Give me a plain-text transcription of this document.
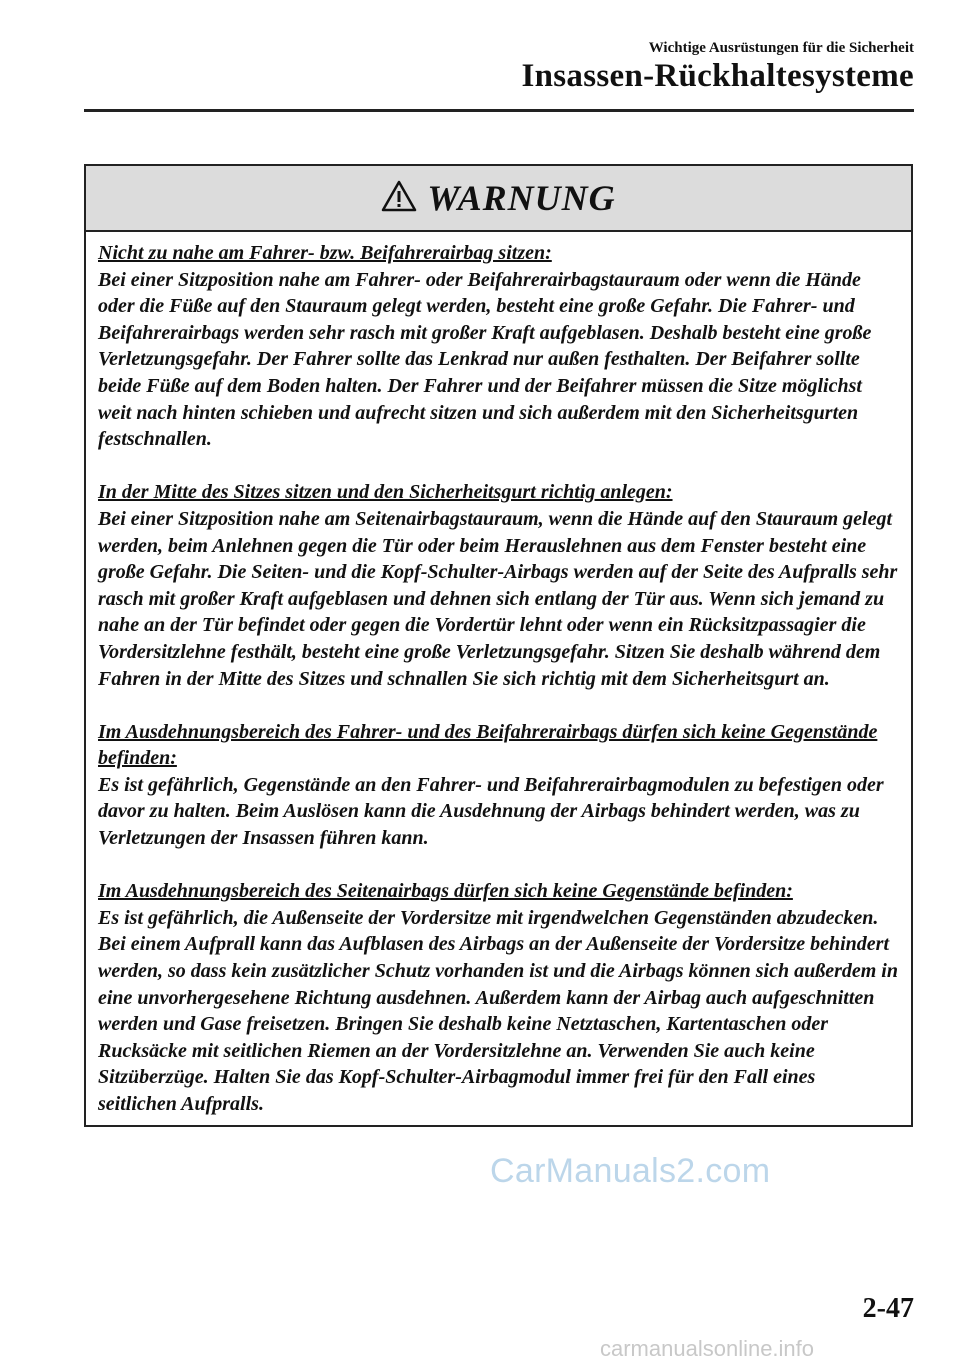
Wichtige Ausrüstungen für die Sicherheit
Insassen-Rückhaltesysteme
WARNUNG
Nicht zu nahe am Fahrer- bzw. Beifahrerairbag sitzen:
Bei einer Sitzposition nahe am Fahrer- oder Beifahrerairbagstauraum oder wenn die Hände oder die Füße auf den Stauraum gelegt werden, besteht eine große Gefahr. Die Fahrer- und Beifahrerairbags werden sehr rasch mit großer Kraft aufgeblasen. Deshalb besteht eine große Verletzungsgefahr. Der Fahrer sollte das Lenkrad nur außen festhalten. Der Beifahrer sollte beide Füße auf dem Boden halten. Der Fahrer und der Beifahrer müssen die Sitze möglichst weit nach hinten schieben und aufrecht sitzen und sich außerdem mit den Sicherheitsgurten festschnallen.
In der Mitte des Sitzes sitzen und den Sicherheitsgurt richtig anlegen:
Bei einer Sitzposition nahe am Seitenairbagstauraum, wenn die Hände auf den Stauraum gelegt werden, beim Anlehnen gegen die Tür oder beim Herauslehnen aus dem Fenster besteht eine große Gefahr. Die Seiten- und die Kopf-Schulter-Airbags werden auf der Seite des Aufpralls sehr rasch mit großer Kraft aufgeblasen und dehnen sich entlang der Tür aus. Wenn sich jemand zu nahe an der Tür befindet oder gegen die Vordertür lehnt oder wenn ein Rücksitzpassagier die Vordersitzlehne festhält, besteht eine große Verletzungsgefahr. Sitzen Sie deshalb während dem Fahren in der Mitte des Sitzes und schnallen Sie sich richtig mit dem Sicherheitsgurt an.
Im Ausdehnungsbereich des Fahrer- und des Beifahrerairbags dürfen sich keine Gegenstände befinden:
Es ist gefährlich, Gegenstände an den Fahrer- und Beifahrerairbagmodulen zu befestigen oder davor zu halten. Beim Auslösen kann die Ausdehnung der Airbags behindert werden, was zu Verletzungen der Insassen führen kann.
Im Ausdehnungsbereich des Seitenairbags dürfen sich keine Gegenstände befinden:
Es ist gefährlich, die Außenseite der Vordersitze mit irgendwelchen Gegenständen abzudecken. Bei einem Aufprall kann das Aufblasen des Airbags an der Außenseite der Vordersitze behindert werden, so dass kein zusätzlicher Schutz vorhanden ist und die Airbags können sich außerdem in eine unvorhergesehene Richtung ausdehnen. Außerdem kann der Airbag auch aufgeschnitten werden und Gase freisetzen. Bringen Sie deshalb keine Netztaschen, Kartentaschen oder Rucksäcke mit seitlichen Riemen an der Vordersitzlehne an. Verwenden Sie auch keine Sitzüberzüge. Halten Sie das Kopf-Schulter-Airbagmodul immer frei für den Fall eines seitlichen Aufpralls.
CarManuals2.com
2-47
carmanualsonline.info
